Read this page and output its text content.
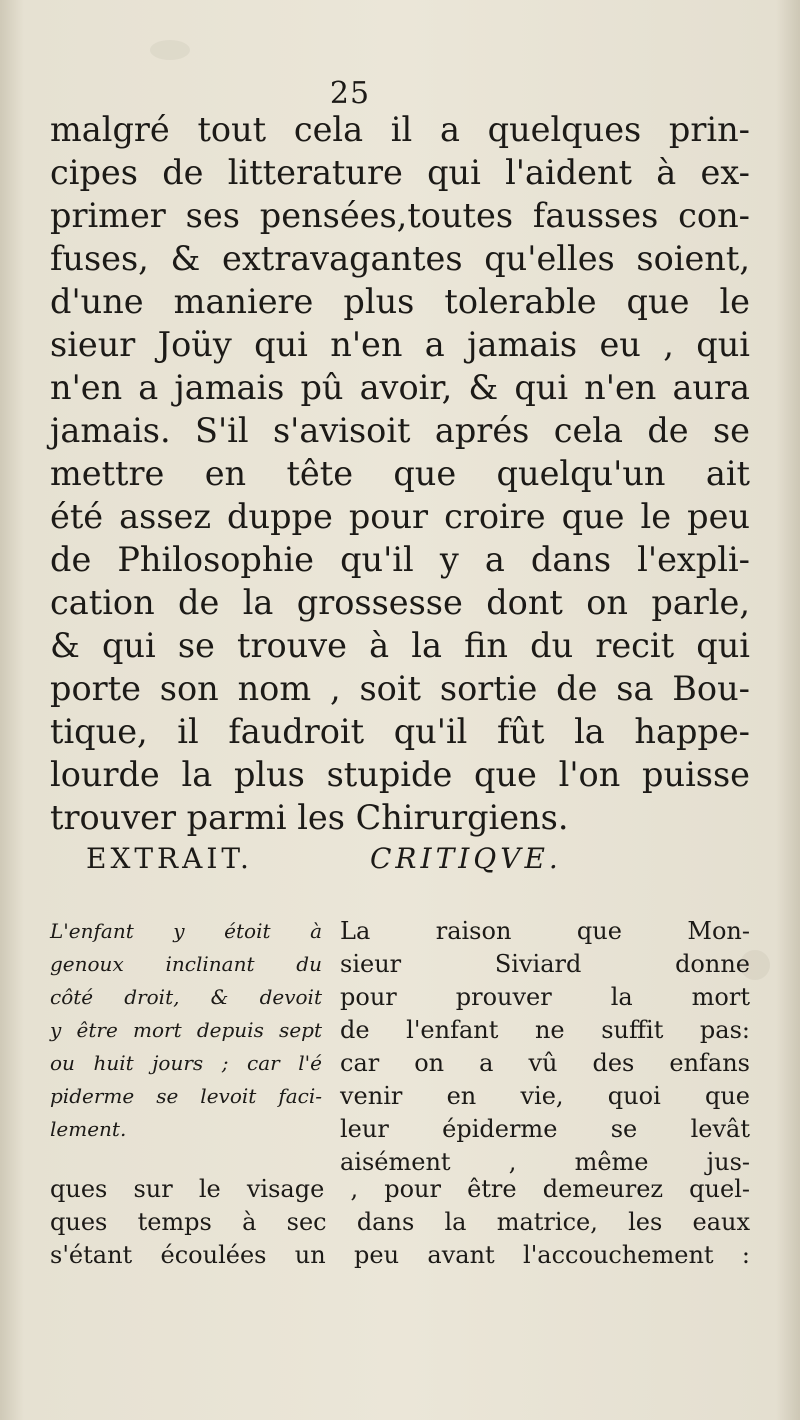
25
malgré tout cela il a quelques prin-
cipes de litterature qui l'aident à ex-
primer ses pensées,toutes fausses con-
fuses, & extravagantes qu'elles soient,
d'une maniere plus tolerable que le
sieur Joüy qui n'en a jamais eu , qui
n'en a jamais pû avoir, & qui n'en aura
jamais. S'il s'avisoit aprés cela de se
mettre en tête que quelqu'un ait
été assez duppe pour croire que le peu
de Philosophie qu'il y a dans l'expli-
cation de la grossesse dont on parle,
& qui se trouve à la fin du recit qui
porte son nom , soit sortie de sa Bou-
tique, il faudroit qu'il fût la happe-
lourde la plus stupide que l'on puisse
trouver parmi les Chirurgiens.
EXTRAIT.	CRITIQVE.
L'enfant y étoit à
genoux inclinant du
côté droit, & devoit
y être mort depuis sept
ou huit jours ; car l'é
piderme se levoit faci-
lement.
La raison que Mon-
sieur Siviard donne
pour prouver la mort
de l'enfant ne suffit pas:
car on a vû des enfans
venir en vie, quoi que
leur épiderme se levât
aisément , même jus-
ques sur le visage , pour être demeurez quel-
ques temps à sec dans la matrice, les eaux
s'étant écoulées un peu avant l'accouchement :
